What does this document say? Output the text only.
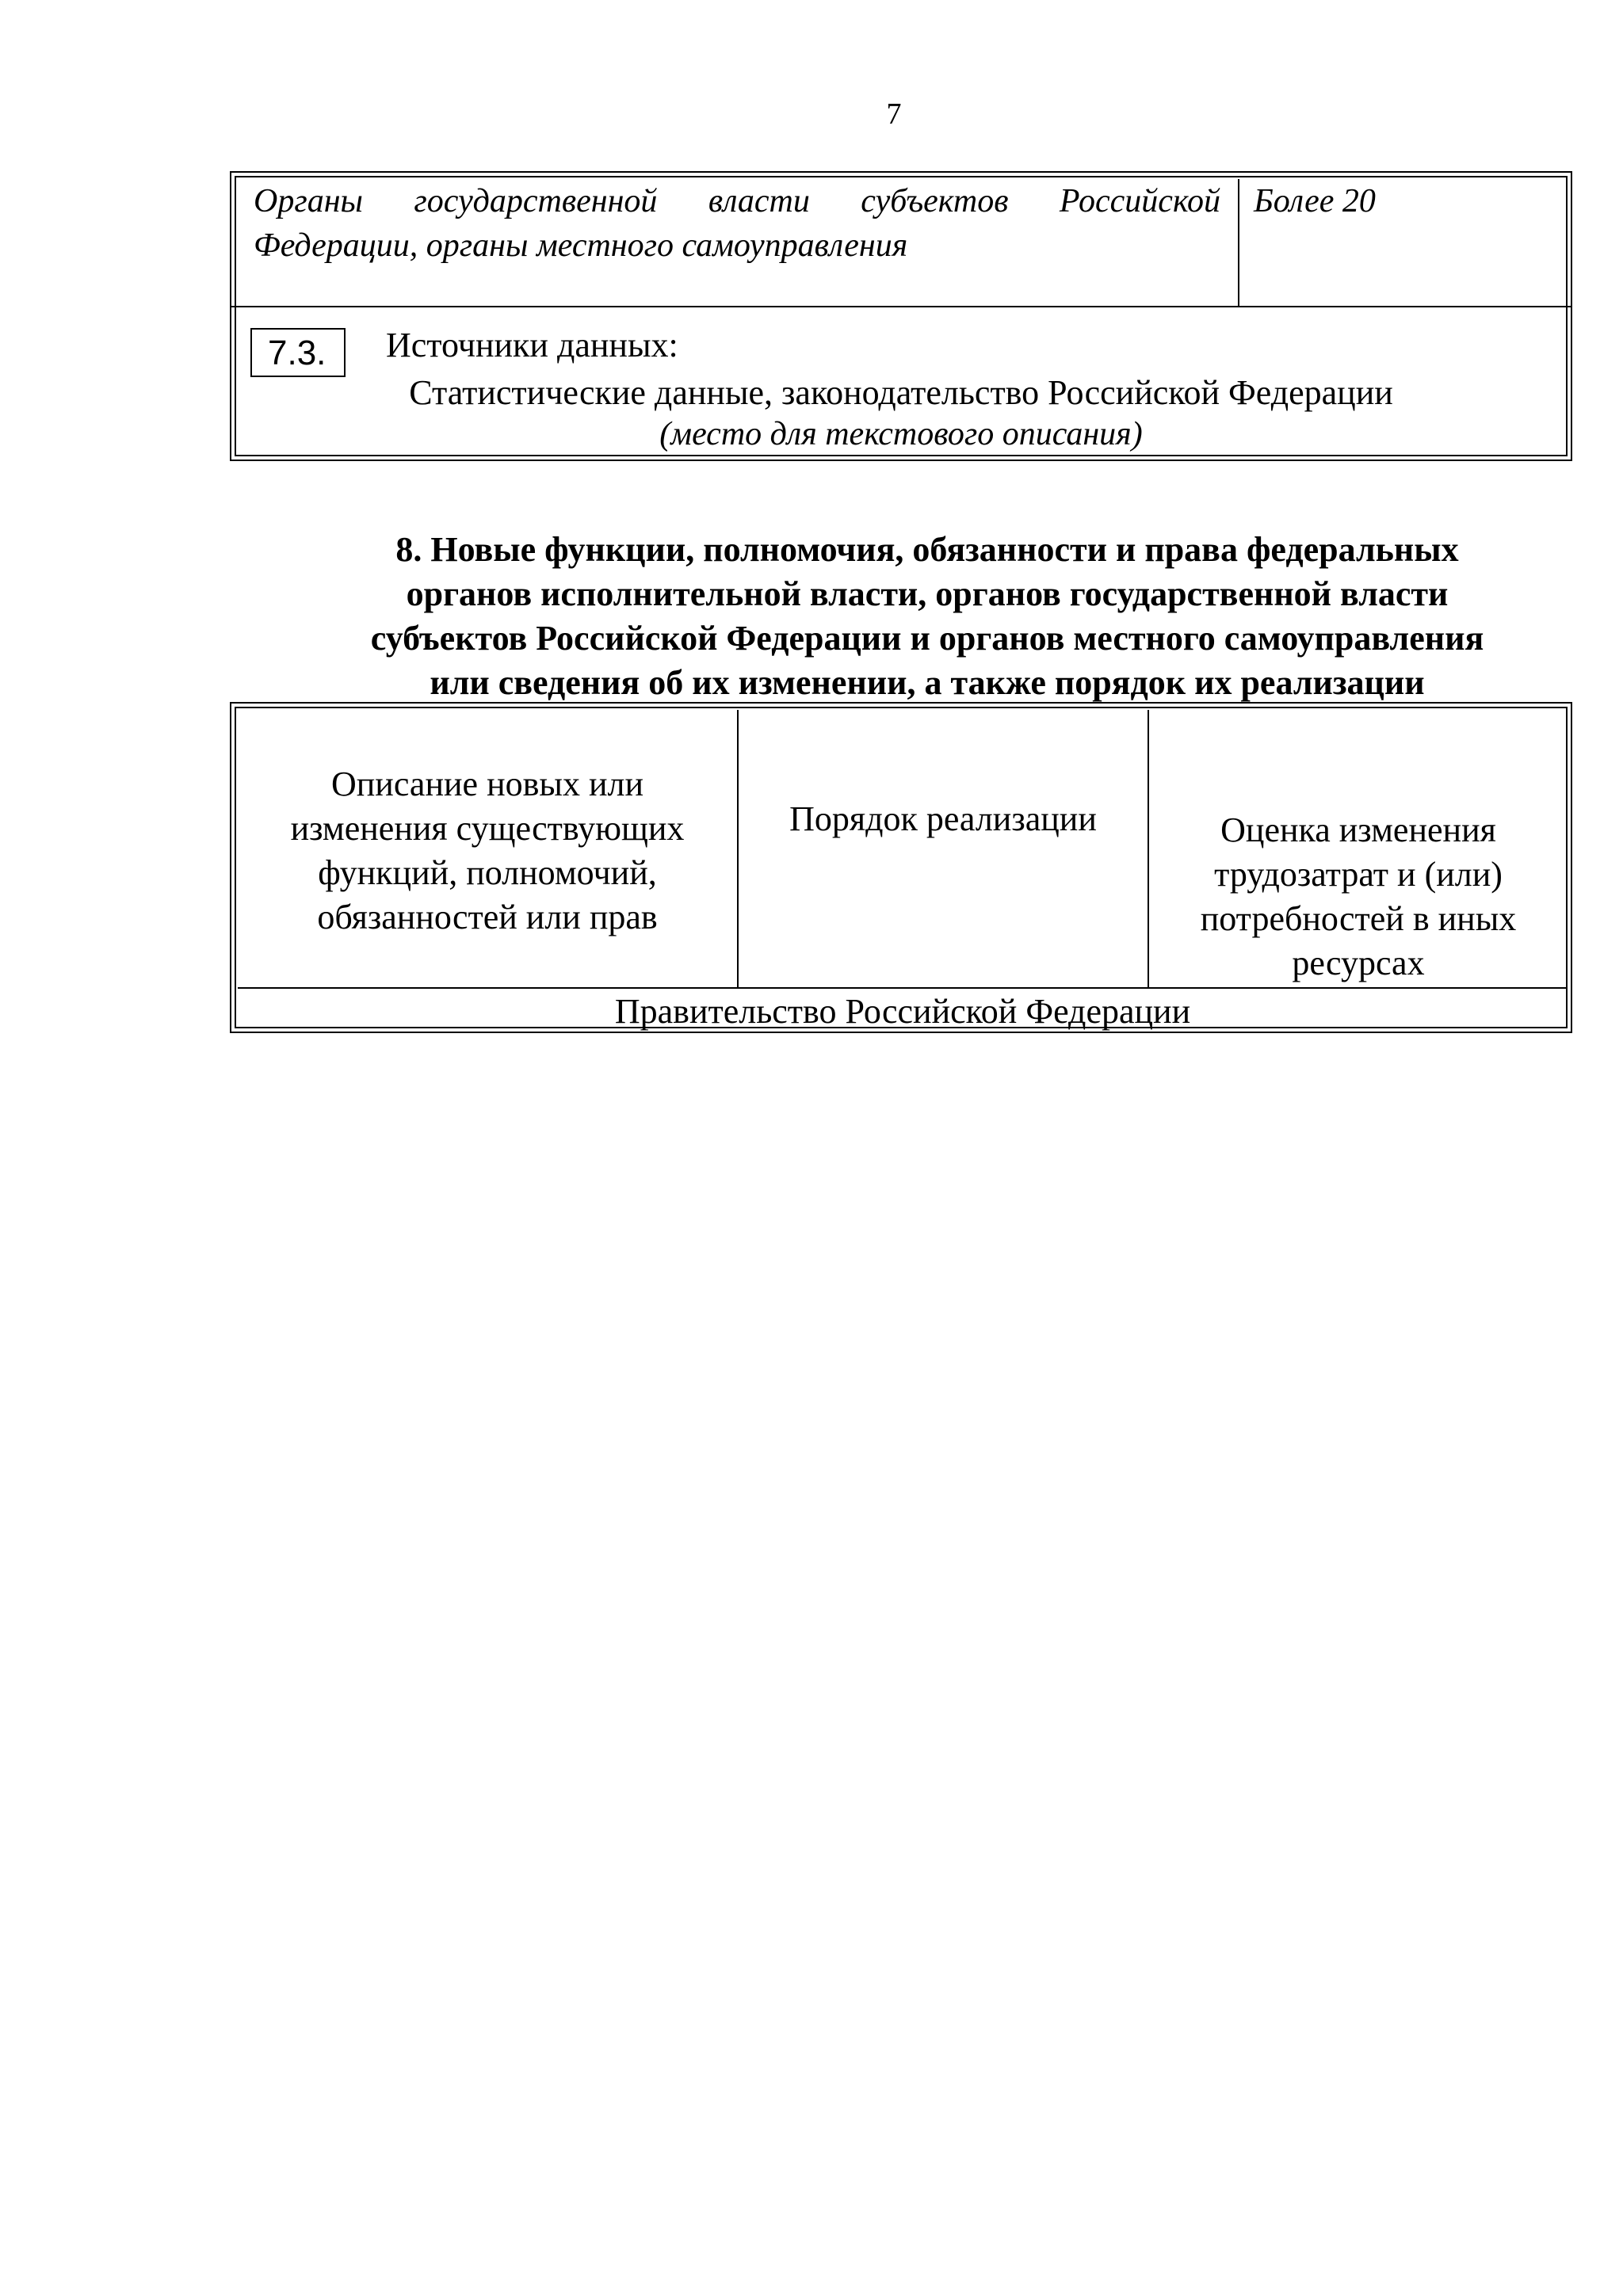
7
Органы государственной власти субъектов Российской Федерации, органы местного самоуправления
Более 20
7.3.	Источники данных:
Статистические данные, законодательство Российской Федерации
(место для текстового описания)
8. Новые функции, полномочия, обязанности и права федеральных
органов исполнительной власти, органов государственной власти
субъектов Российской Федерации и органов местного самоуправления
или сведения об их изменении, а также порядок их реализации
Описание новых или
изменения существующих
функций, полномочий,
обязанностей или прав
Порядок реализации	Оценка изменения
трудозатрат и (или)
потребностей в иных
ресурсах
Правительство Российской Федерации
